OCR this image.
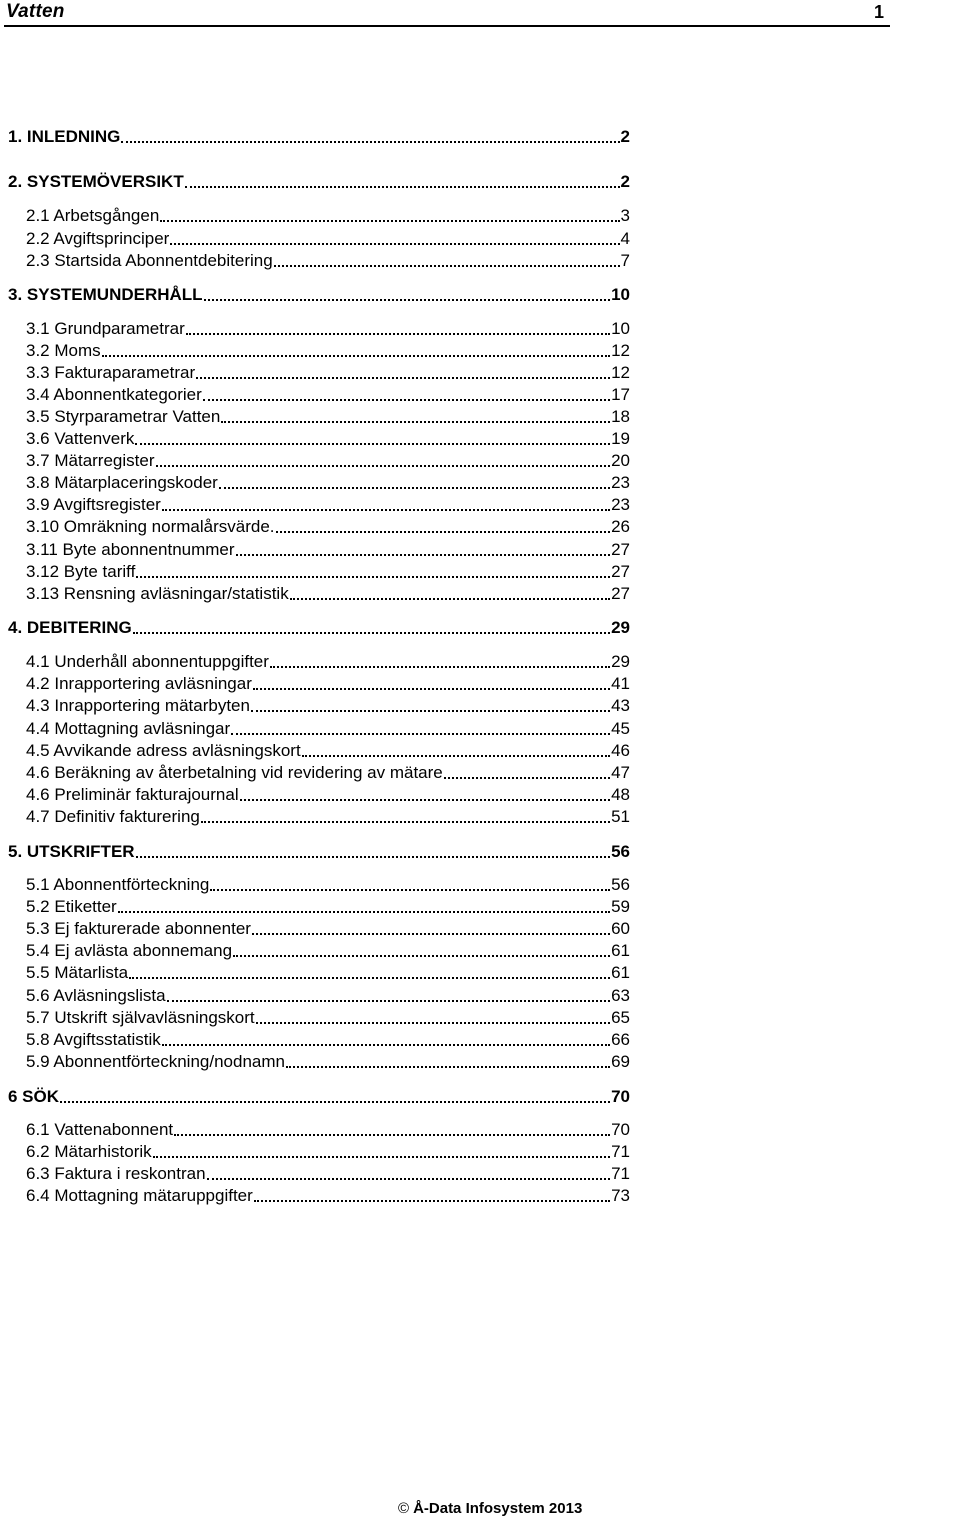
Vatten	1
1. INLEDNING	2
2. SYSTEMÖVERSIKT	2
2.1 Arbetsgången	3
2.2 Avgiftsprinciper	4
2.3 Startsida Abonnentdebitering	7
3. SYSTEMUNDERHÅLL	10
3.1 Grundparametrar	10
3.2 Moms	12
3.3 Fakturaparametrar	12
3.4 Abonnentkategorier	17
3.5 Styrparametrar Vatten	18
3.6 Vattenverk	19
3.7 Mätarregister	20
3.8 Mätarplaceringskoder	23
3.9 Avgiftsregister	23
3.10 Omräkning normalårsvärde.	26
3.11 Byte abonnentnummer	27
3.12 Byte tariff	27
3.13 Rensning avläsningar/statistik	27
4. DEBITERING	29
4.1 Underhåll abonnentuppgifter	29
4.2 Inrapportering avläsningar	41
4.3 Inrapportering mätarbyten	43
4.4 Mottagning avläsningar	45
4.5 Avvikande adress avläsningskort	46
4.6 Beräkning av återbetalning vid revidering av mätare	47
4.6 Preliminär fakturajournal	48
4.7 Definitiv fakturering	51
5. UTSKRIFTER	56
5.1 Abonnentförteckning	56
5.2 Etiketter	59
5.3 Ej fakturerade abonnenter	60
5.4 Ej avlästa abonnemang	61
5.5 Mätarlista	61
5.6 Avläsningslista	63
5.7 Utskrift självavläsningskort	65
5.8 Avgiftsstatistik	66
5.9 Abonnentförteckning/nodnamn	69
6 SÖK	70
6.1 Vattenabonnent	70
6.2 Mätarhistorik	71
6.3 Faktura i reskontran	71
6.4 Mottagning mätaruppgifter	73
© Å-Data Infosystem 2013
